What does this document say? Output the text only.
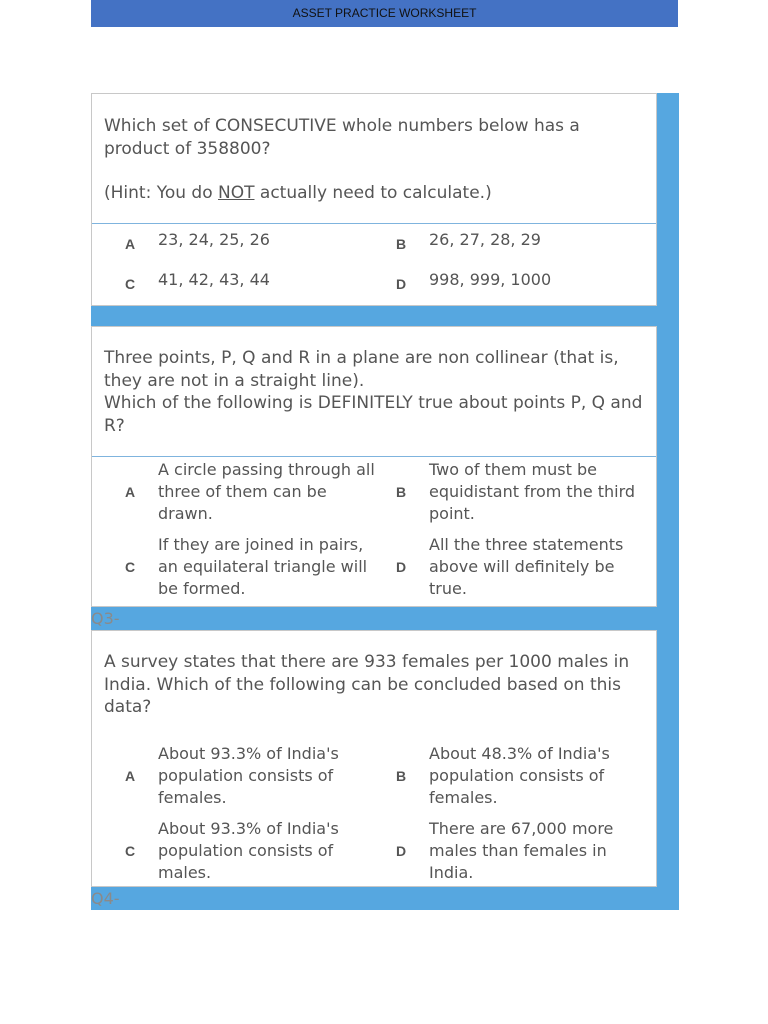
ASSET PRACTICE WORKSHEET

Which set of CONSECUTIVE whole numbers below has a product of 358800?

(Hint: You do NOT actually need to calculate.)

A 23, 24, 25, 26	B 26, 27, 28, 29
C 41, 42, 43, 44	D 998, 999, 1000

Three points, P, Q and R in a plane are non collinear (that is, they are not in a straight line).

Which of the following is DEFINITELY true about points P, Q and R?

A
A circle passing through all three of them can be drawn.
B
Two of them must be equidistant from the third point.
C
If they are joined in pairs, an equilateral triangle will be formed.
D
All the three statements above will definitely be true.
Q3-

A survey states that there are 933 females per 1000 males in India. Which of the following can be concluded based on this data?

A
About 93.3% of India's population consists of females.
B
About 48.3% of India's population consists of females.
C
About 93.3% of India's population consists of males.
D
There are 67,000 more males than females in India.
Q4-
